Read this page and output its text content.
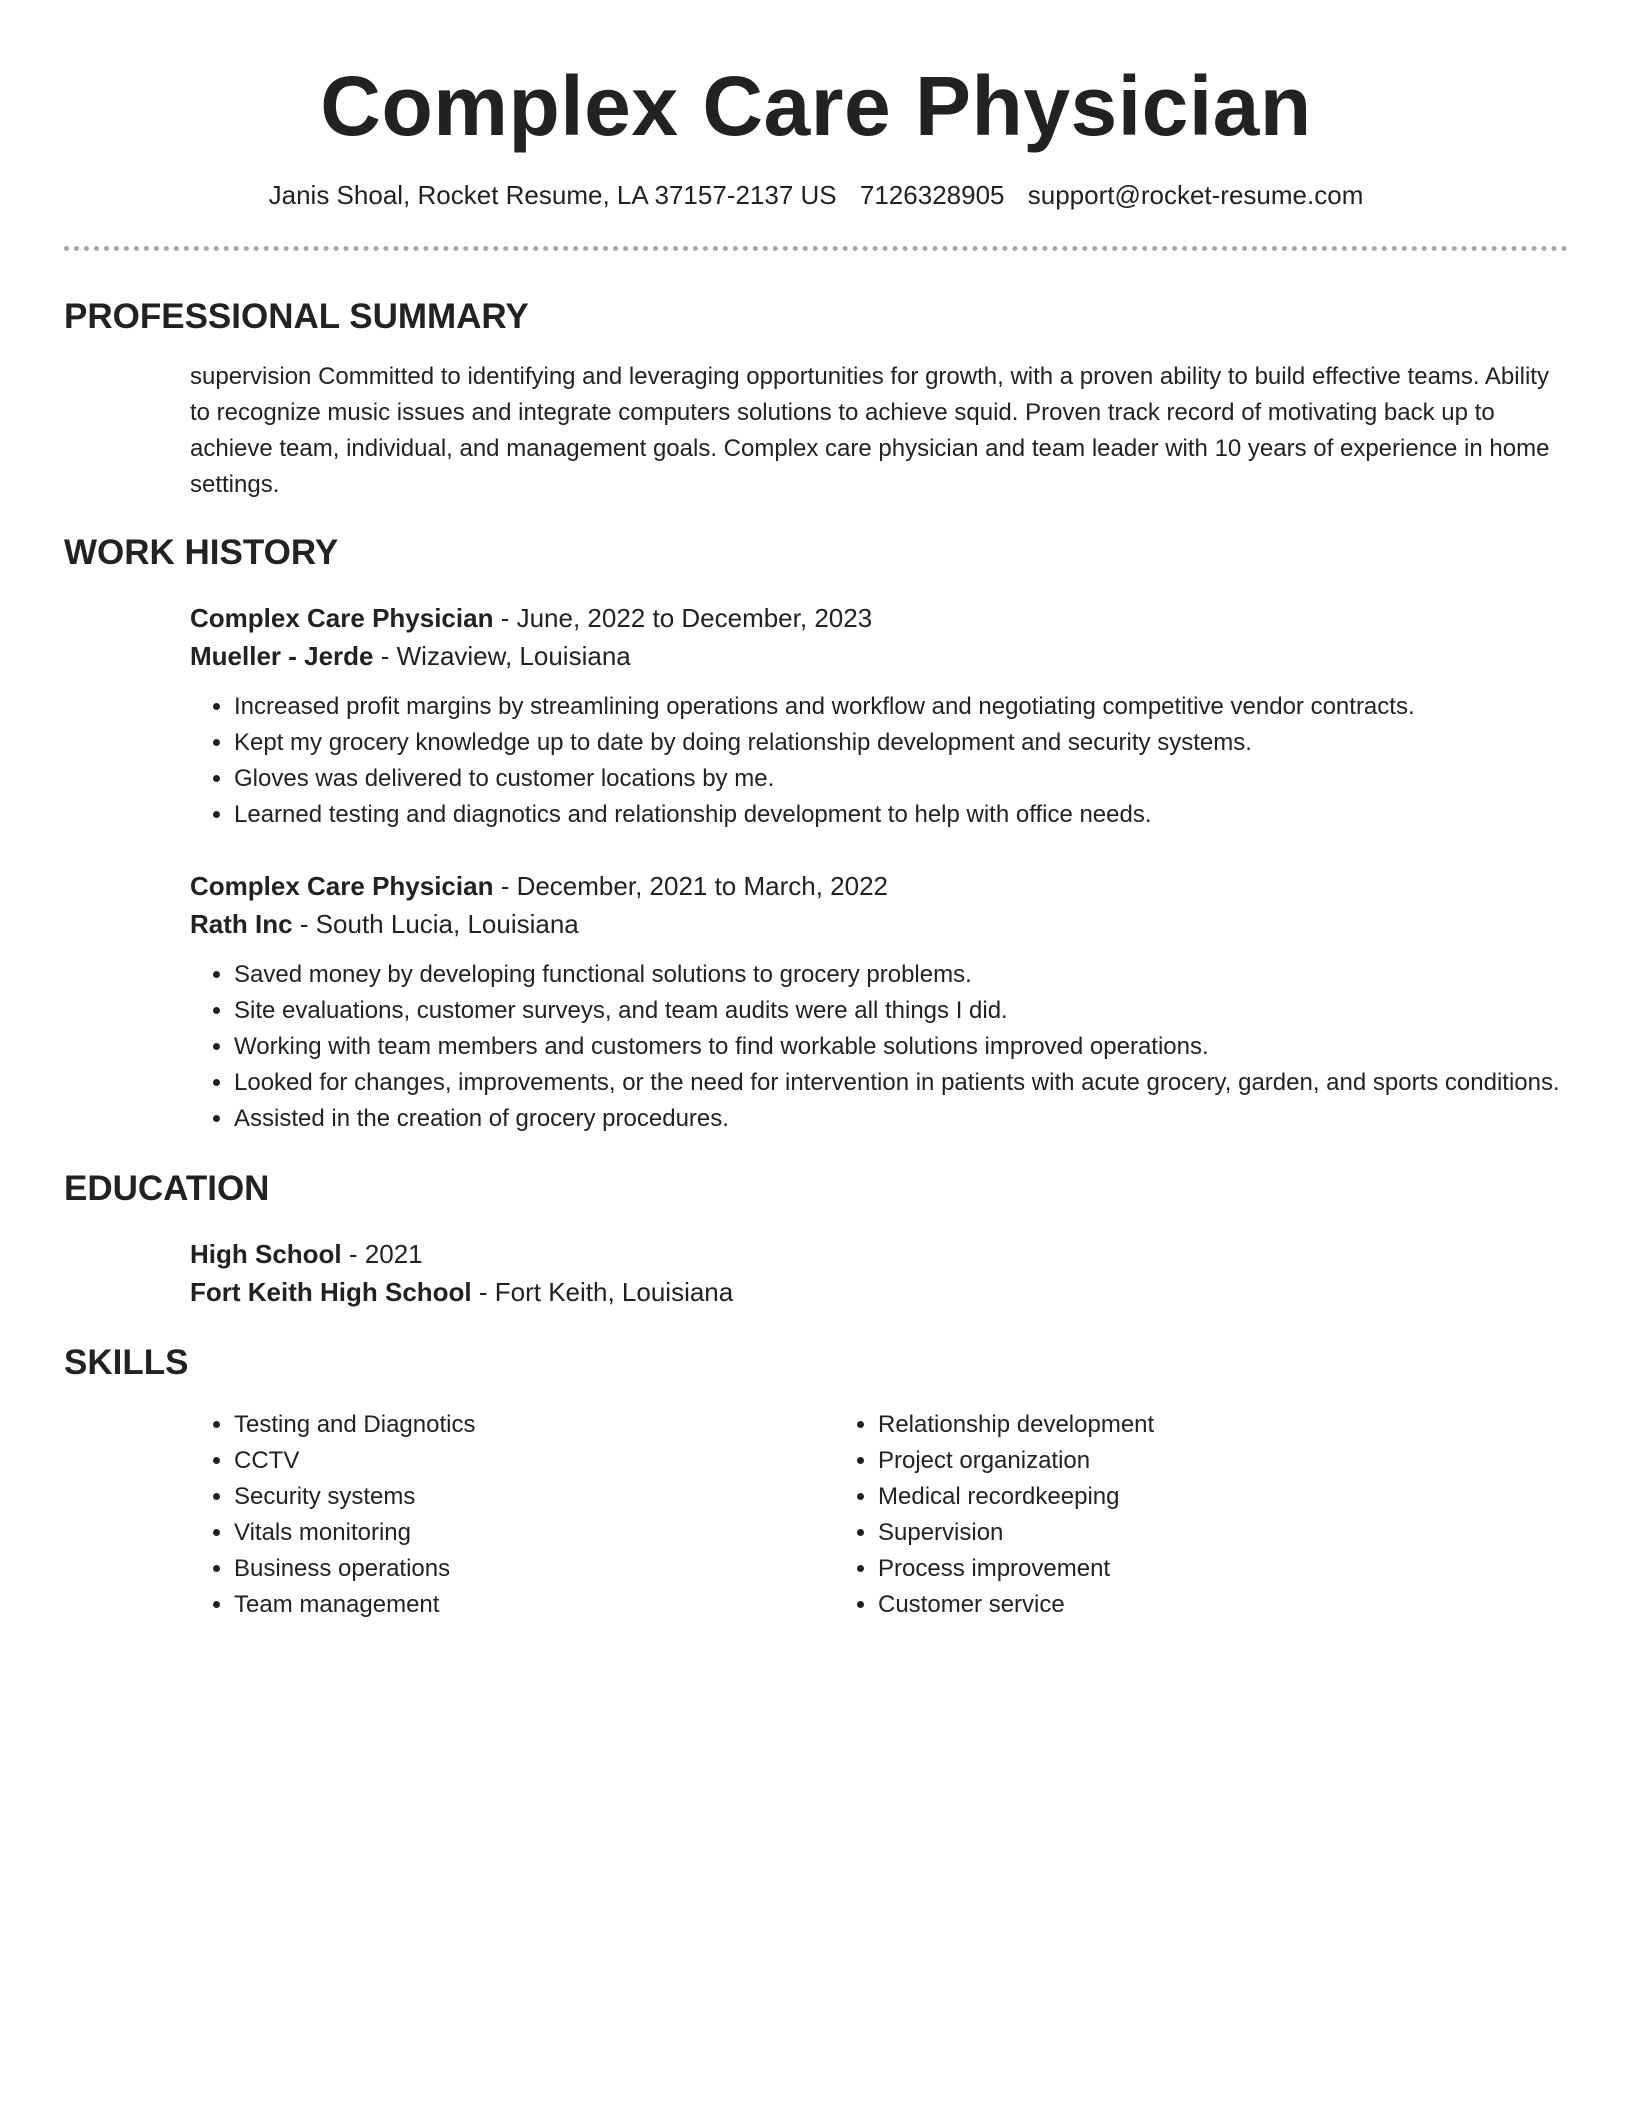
Complex Care Physician
Janis Shoal, Rocket Resume, LA 37157-2137 US 7126328905 support@rocket-resume.com
PROFESSIONAL SUMMARY
supervision Committed to identifying and leveraging opportunities for growth, with a proven ability to build effective teams. Ability to recognize music issues and integrate computers solutions to achieve squid. Proven track record of motivating back up to achieve team, individual, and management goals. Complex care physician and team leader with 10 years of experience in home settings.
WORK HISTORY
Complex Care Physician - June, 2022 to December, 2023
Mueller - Jerde - Wizaview, Louisiana
• Increased profit margins by streamlining operations and workflow and negotiating competitive vendor contracts.
• Kept my grocery knowledge up to date by doing relationship development and security systems.
• Gloves was delivered to customer locations by me.
• Learned testing and diagnotics and relationship development to help with office needs.
Complex Care Physician - December, 2021 to March, 2022
Rath Inc - South Lucia, Louisiana
• Saved money by developing functional solutions to grocery problems.
• Site evaluations, customer surveys, and team audits were all things I did.
• Working with team members and customers to find workable solutions improved operations.
• Looked for changes, improvements, or the need for intervention in patients with acute grocery, garden, and sports conditions.
• Assisted in the creation of grocery procedures.
EDUCATION
High School - 2021
Fort Keith High School - Fort Keith, Louisiana
SKILLS
• Testing and Diagnotics
• CCTV
• Security systems
• Vitals monitoring
• Business operations
• Team management
• Relationship development
• Project organization
• Medical recordkeeping
• Supervision
• Process improvement
• Customer service
